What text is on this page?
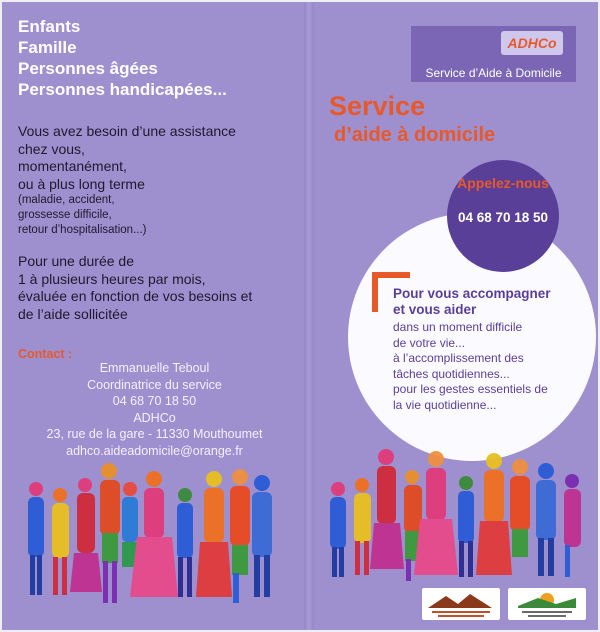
Enfants
Famille
Personnes âgées
Personnes handicapées...
Vous avez besoin d’une assistance
chez vous,
momentanément,
ou à plus long terme
(maladie, accident,
grossesse difficile,
retour d’hospitalisation...)
Pour une durée de
1 à plusieurs heures par mois,
évaluée en fonction de vos besoins et
de l’aide sollicitée
Contact :
Emmanuelle Teboul
Coordinatrice du service
04 68 70 18 50
ADHCo
23, rue de la gare - 11330 Mouthoumet
adhco.aideadomicile@orange.fr
ADHCo
Service d’Aide à Domicile
Service
d’aide à domicile
Appelez-nous
04 68 70 18 50
Pour vous accompagner
et vous aider
dans un moment difficile
de votre vie...
à l’accomplissement des
tâches quotidiennes...
pour les gestes essentiels de
la vie quotidienne...
